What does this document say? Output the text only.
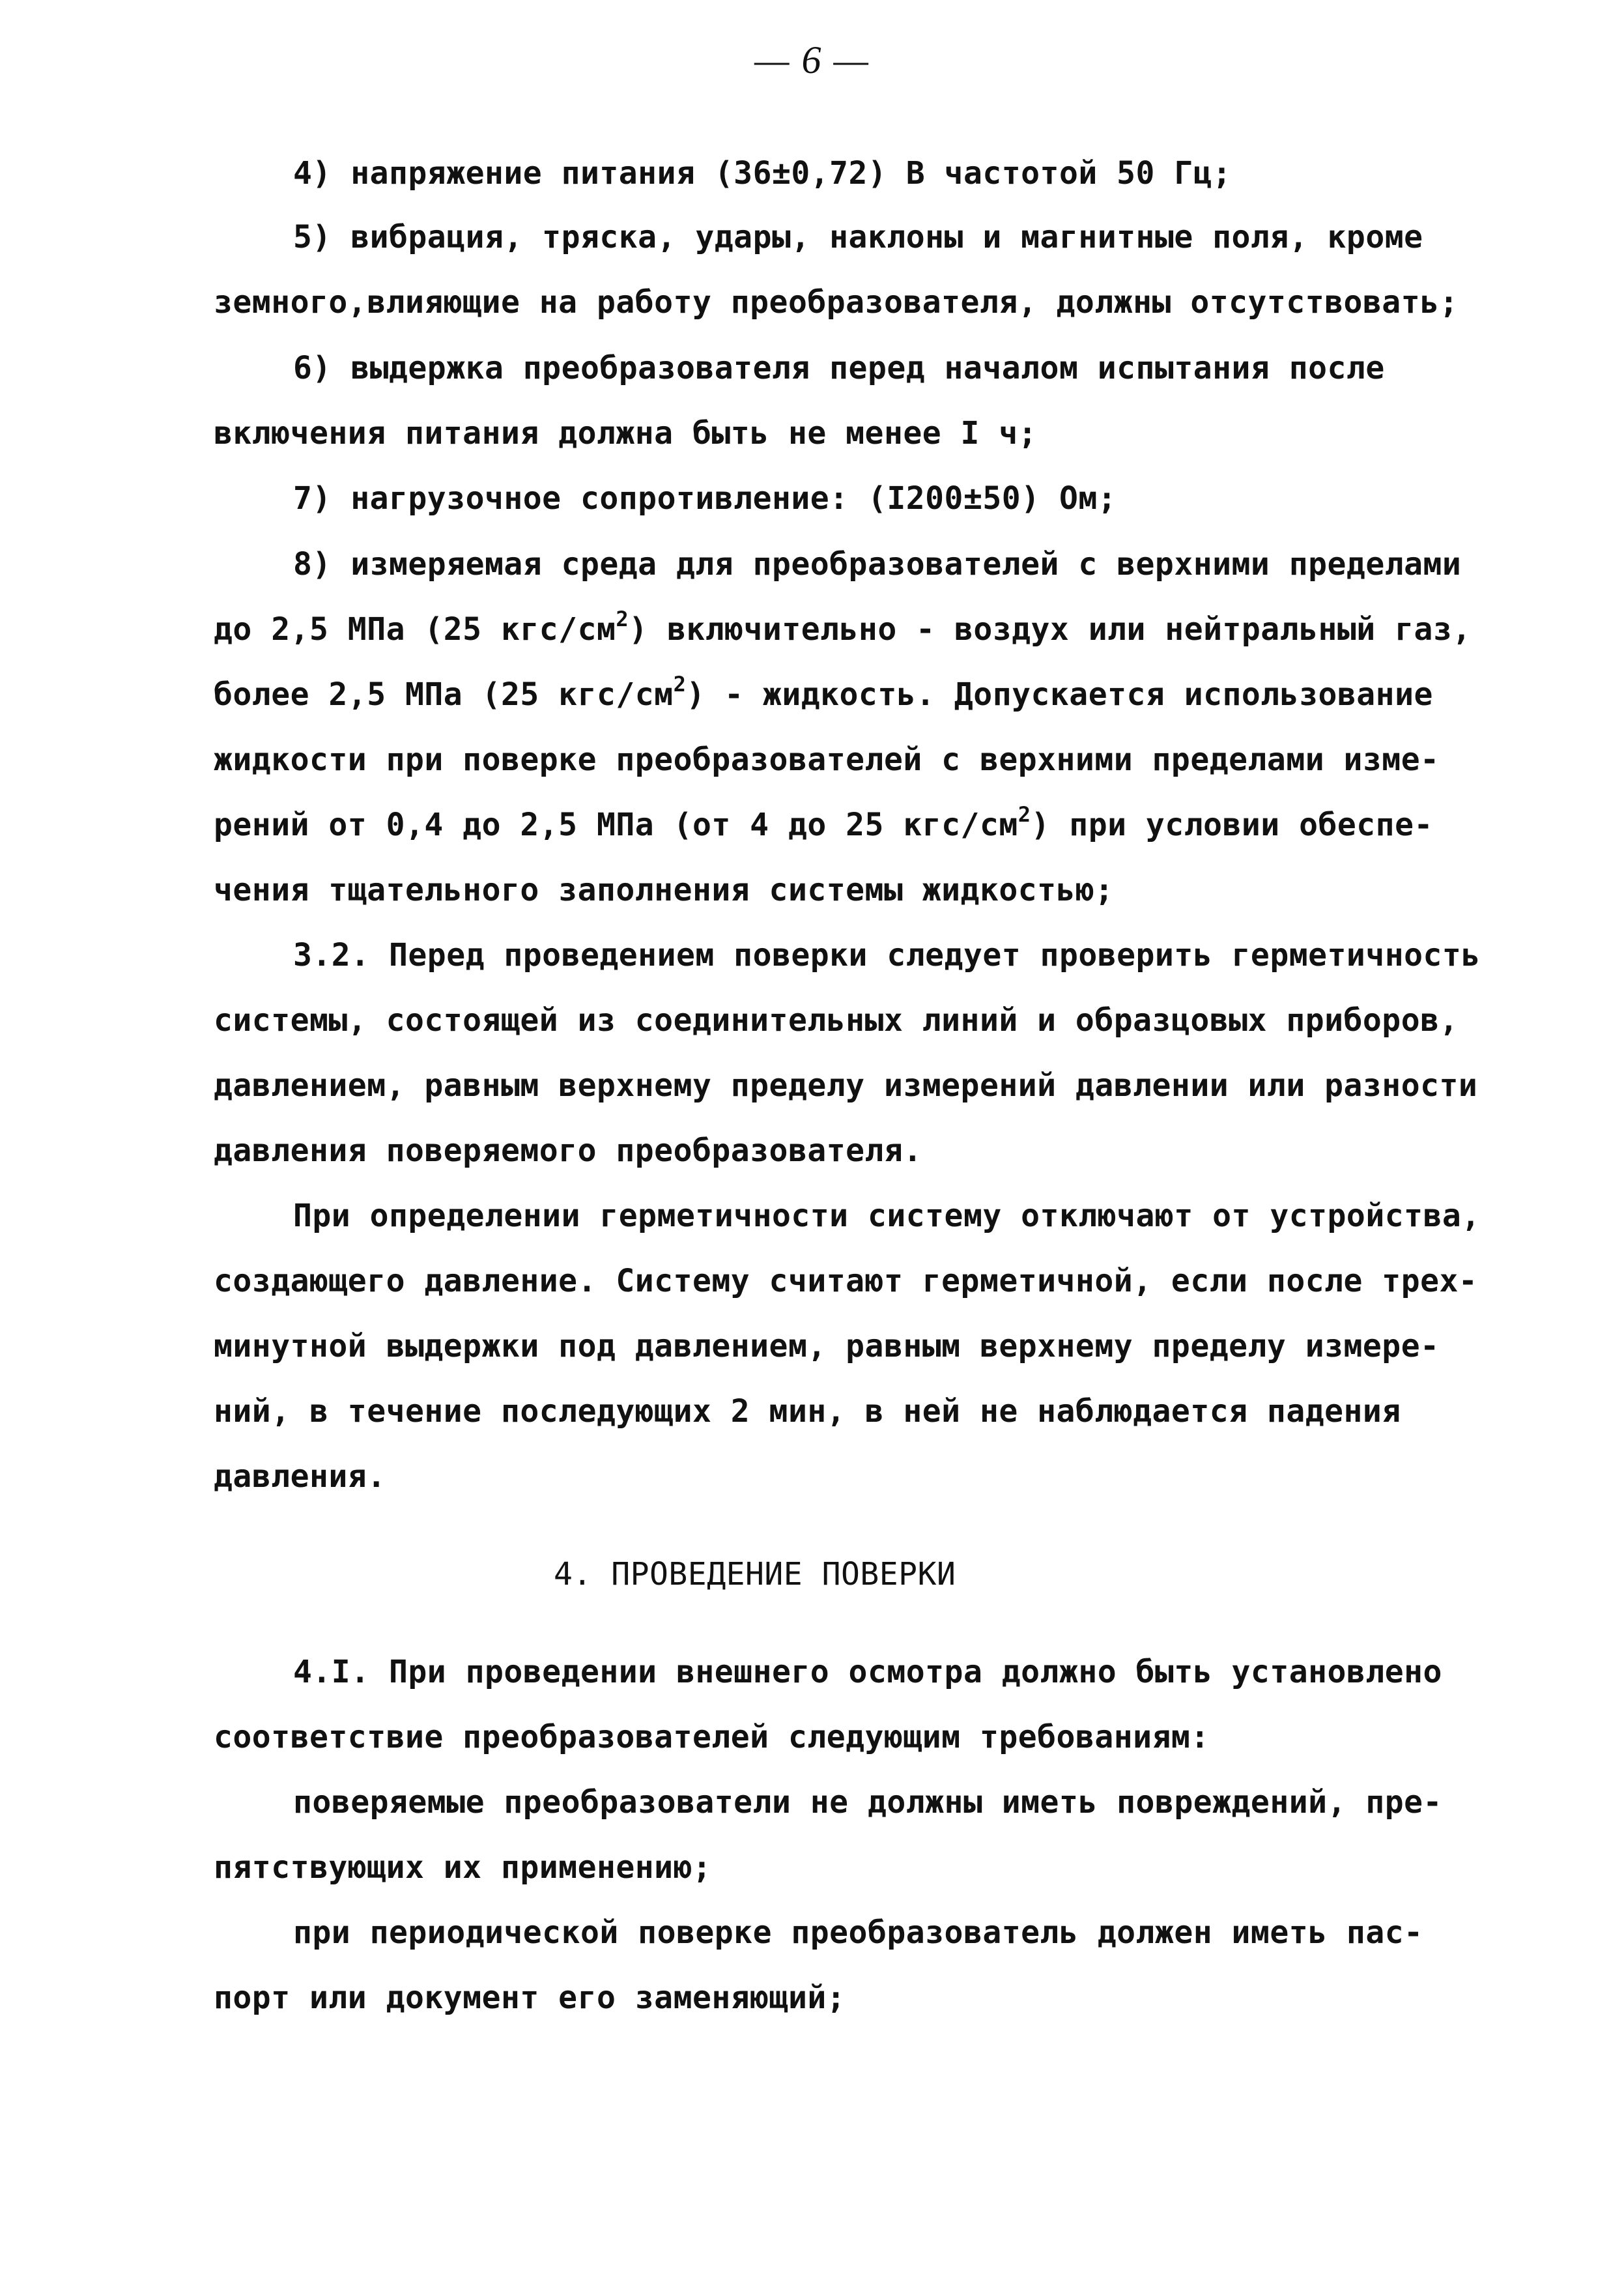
— 6 —
4) напряжение питания (36±0,72) В частотой 50 Гц;
5) вибрация, тряска, удары, наклоны и магнитные поля, кроме
земного,влияющие на работу преобразователя, должны отсутствовать;
6) выдержка преобразователя перед началом испытания после
включения питания должна быть не менее I ч;
7) нагрузочное сопротивление: (I200±50) Ом;
8) измеряемая среда для преобразователей с верхними пределами
до 2,5 МПа (25 кгс/$см^2$) включительно - воздух или нейтральный газ,
более 2,5 МПа (25 кгс/$см^2$) - жидкость. Допускается использование
жидкости при поверке преобразователей с верхними пределами изме-
рений от 0,4 до 2,5 МПа (от 4 до 25 кгс/$см^2$) при условии обеспе-
чения тщательного заполнения системы жидкостью;
3.2. Перед проведением поверки следует проверить герметичность
системы, состоящей из соединительных линий и образцовых приборов,
давлением, равным верхнему пределу измерений давлении или разности
давления поверяемого преобразователя.
При определении герметичности систему отключают от устройства,
создающего давление. Систему считают герметичной, если после трех-
минутной выдержки под давлением, равным верхнему пределу измере-
ний, в течение последующих 2 мин, в ней не наблюдается падения
давления.
4. ПРОВЕДЕНИЕ ПОВЕРКИ
4.I. При проведении внешнего осмотра должно быть установлено
соответствие преобразователей следующим требованиям:
поверяемые преобразователи не должны иметь повреждений, пре-
пятствующих их применению;
при периодической поверке преобразователь должен иметь пас-
порт или документ его заменяющий;
